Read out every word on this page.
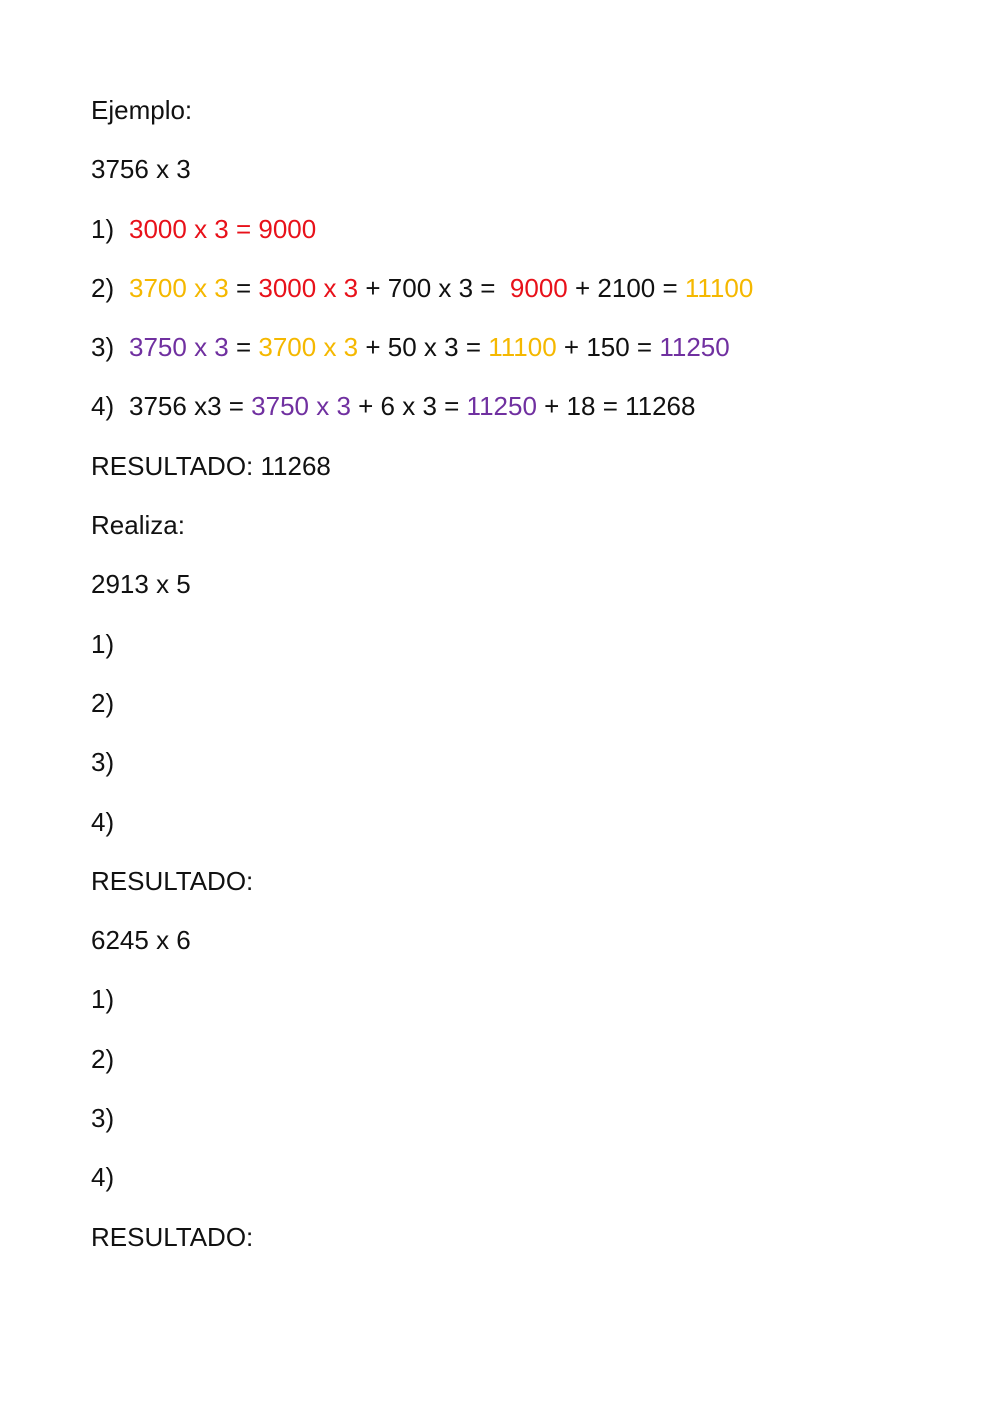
Ejemplo:
3756 x 3
1) 3000 x 3 = 9000
2) 3700 x 3 = 3000 x 3 + 700 x 3 =  9000 + 2100 = 11100
3) 3750 x 3 = 3700 x 3 + 50 x 3 = 11100 + 150 = 11250
4) 3756 x3 = 3750 x 3 + 6 x 3 = 11250 + 18 = 11268
RESULTADO: 11268
Realiza:
2913 x 5
1)
2)
3)
4)
RESULTADO:
6245 x 6
1)
2)
3)
4)
RESULTADO:
